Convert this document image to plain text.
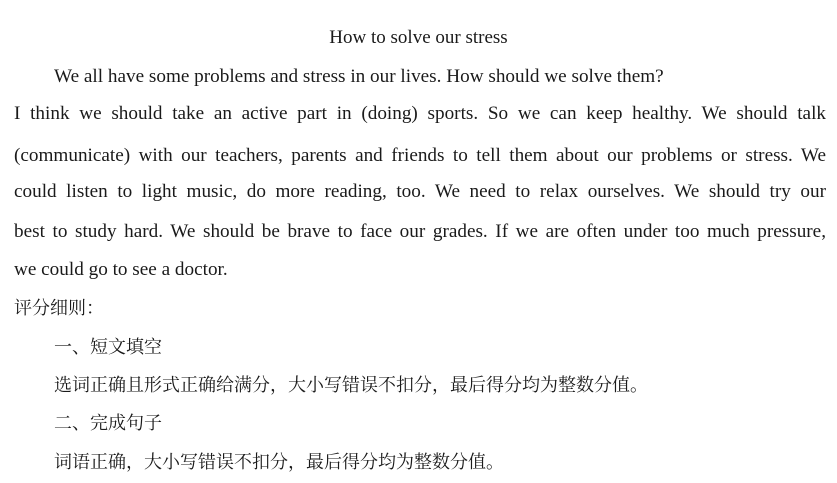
How to solve our stress
We all have some problems and stress in our lives. How should we solve them?
I think we should take an active part in (doing) sports. So we can keep healthy. We should talk
(communicate) with our teachers, parents and friends to tell them about our problems or stress. We
could listen to light music, do more reading, too. We need to relax ourselves. We should try our
best to study hard. We should be brave to face our grades. If we are often under too much pressure,
we could go to see a doctor.
评分细则：
一、短文填空
选词正确且形式正确给满分，大小写错误不扣分，最后得分均为整数分值。
二、完成句子
词语正确，大小写错误不扣分，最后得分均为整数分值。
